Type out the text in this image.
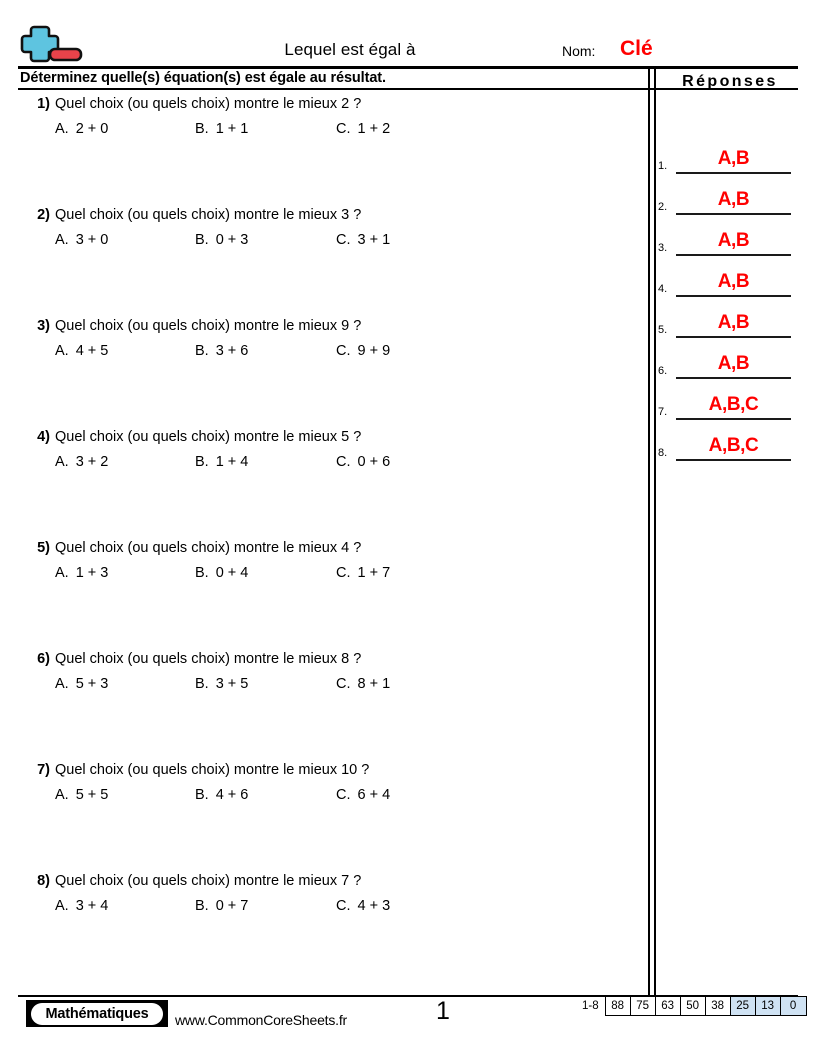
Lequel est égal à	Nom: Clé
Déterminez quelle(s) équation(s) est égale au résultat.
1) Quel choix (ou quels choix) montre le mieux 2 ?
A. 2 + 0	B. 1 + 1	C. 1 + 2
2) Quel choix (ou quels choix) montre le mieux 3 ?
A. 3 + 0	B. 0 + 3	C. 3 + 1
3) Quel choix (ou quels choix) montre le mieux 9 ?
A. 4 + 5	B. 3 + 6	C. 9 + 9
4) Quel choix (ou quels choix) montre le mieux 5 ?
A. 3 + 2	B. 1 + 4	C. 0 + 6
5) Quel choix (ou quels choix) montre le mieux 4 ?
A. 1 + 3	B. 0 + 4	C. 1 + 7
6) Quel choix (ou quels choix) montre le mieux 8 ?
A. 5 + 3	B. 3 + 5	C. 8 + 1
7) Quel choix (ou quels choix) montre le mieux 10 ?
A. 5 + 5	B. 4 + 6	C. 6 + 4
8) Quel choix (ou quels choix) montre le mieux 7 ?
A. 3 + 4	B. 0 + 7	C. 4 + 3
Réponses
1.	A,B
2.	A,B
3.	A,B
4.	A,B
5.	A,B
6.	A,B
7.	A,B,C
8.	A,B,C
Mathématiques	www.CommonCoreSheets.fr	1	1-8	88	75	63	50	38	25	13	0
